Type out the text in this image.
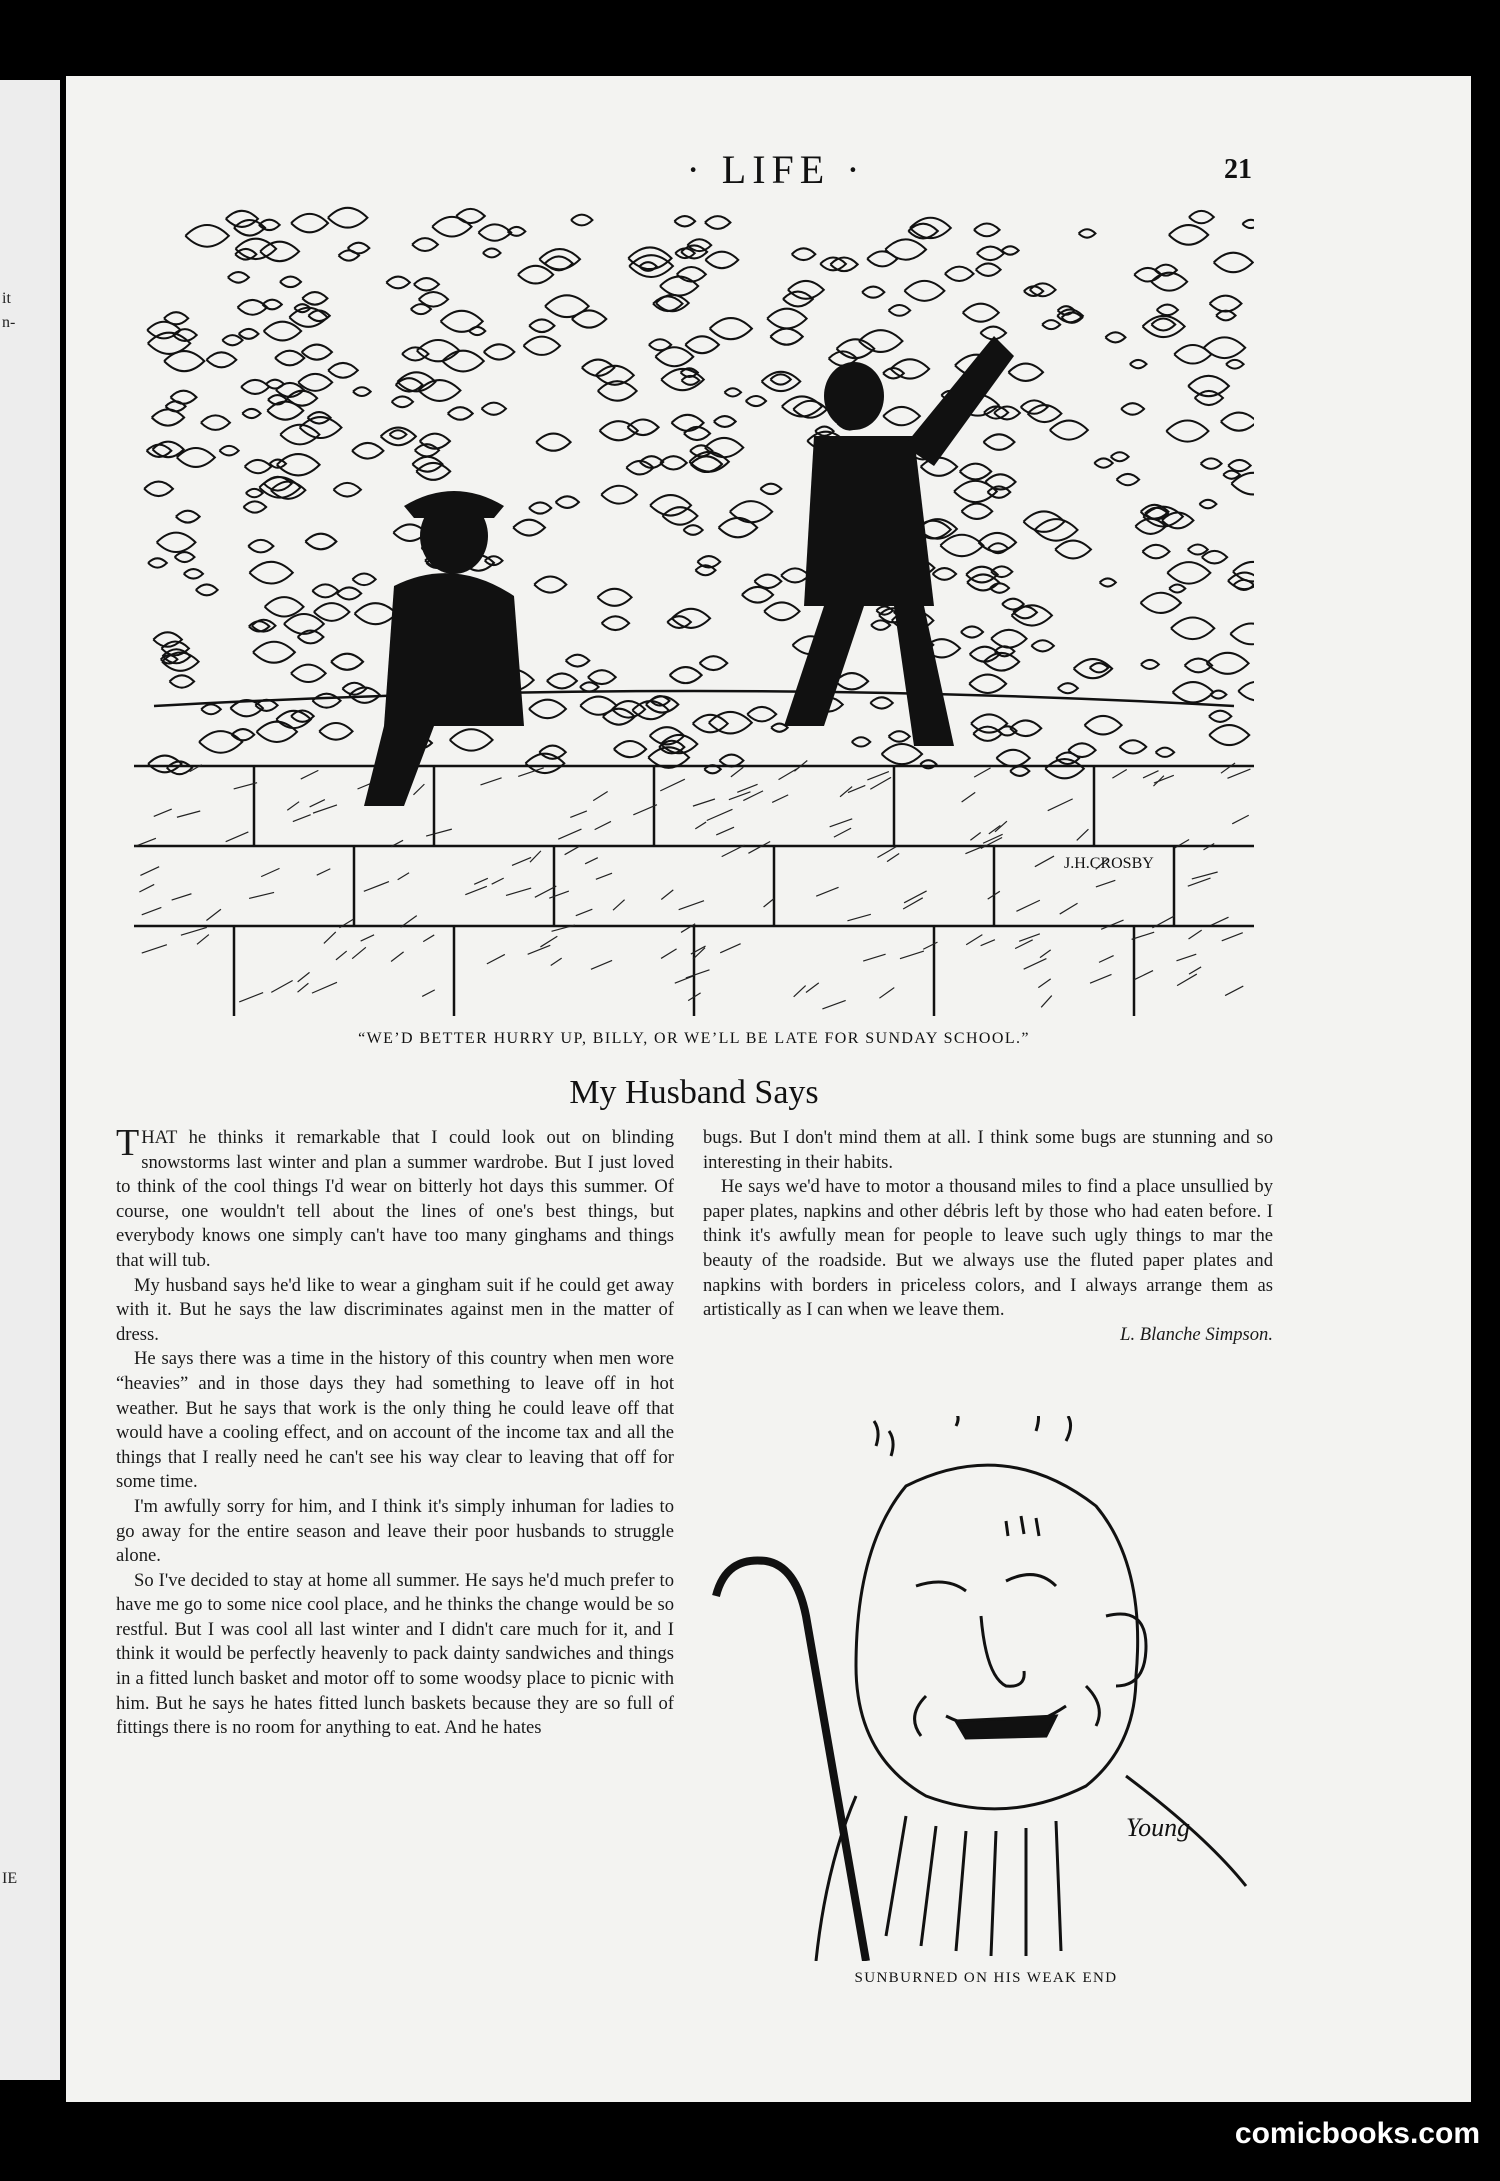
it
n-
IE
· LIFE ·	21
J.H.CROSBY
“WE’D BETTER HURRY UP, BILLY, OR WE’LL BE LATE FOR SUNDAY SCHOOL.”
My Husband Says

THAT he thinks it remarkable that I could look out on blinding snowstorms last winter and plan a summer wardrobe. But I just loved to think of the cool things I'd wear on bitterly hot days this summer. Of course, one wouldn't tell about the lines of one's best things, but everybody knows one simply can't have too many ginghams and things that will tub.

My husband says he'd like to wear a gingham suit if he could get away with it. But he says the law discriminates against men in the matter of dress.

He says there was a time in the history of this country when men wore “heavies” and in those days they had something to leave off in hot weather. But he says that work is the only thing he could leave off that would have a cooling effect, and on account of the income tax and all the things that I really need he can't see his way clear to leaving that off for some time.

I'm awfully sorry for him, and I think it's simply inhuman for ladies to go away for the entire season and leave their poor husbands to struggle alone.

So I've decided to stay at home all summer. He says he'd much prefer to have me go to some nice cool place, and he thinks the change would be so restful. But I was cool all last winter and I didn't care much for it, and I think it would be perfectly heavenly to pack dainty sandwiches and things in a fitted lunch basket and motor off to some woodsy place to picnic with him. But he says he hates fitted lunch baskets because they are so full of fittings there is no room for anything to eat. And he hates

bugs. But I don't mind them at all. I think some bugs are stunning and so interesting in their habits.

He says we'd have to motor a thousand miles to find a place unsullied by paper plates, napkins and other débris left by those who had eaten before. I think it's awfully mean for people to leave such ugly things to mar the beauty of the roadside. But we always use the fluted paper plates and napkins with borders in priceless colors, and I always arrange them as artistically as I can when we leave them.

L. Blanche Simpson.
Young
SUNBURNED ON HIS WEAK END
comicbooks.com
